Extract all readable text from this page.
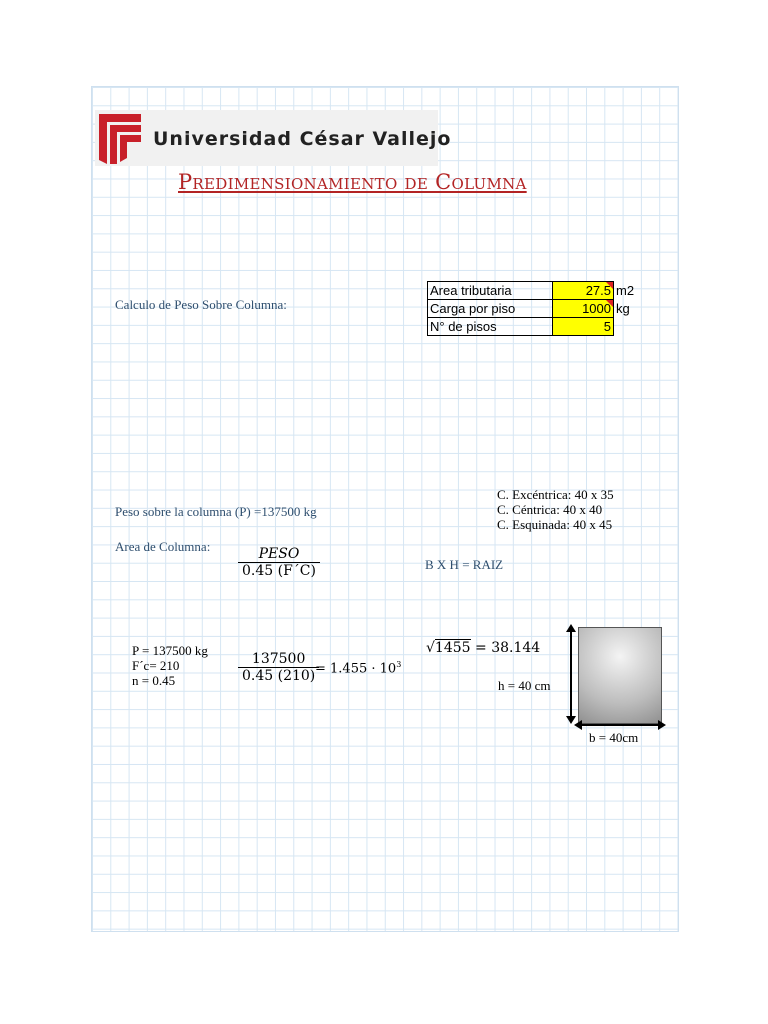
Universidad César Vallejo
Predimensionamiento de Columna
Calculo de Peso Sobre Columna:
Area tributaria	27.5	m2
Carga por piso	1000	kg
N° de pisos	5	
C. Excéntrica: 40 x 35
C. Céntrica: 40 x 40
C. Esquinada: 40 x 45
Peso sobre la columna (P) =137500 kg
Area de Columna:	PESO
0.45 (F´C)	B X H = RAIZ
P = 137500 kg
F´c= 210
n = 0.45	$\frac{137500}{0.45 (210)}$
= $1.455 \cdot 10^3$
√1455 = 38.144
h = 40 cm
b = 40cm
